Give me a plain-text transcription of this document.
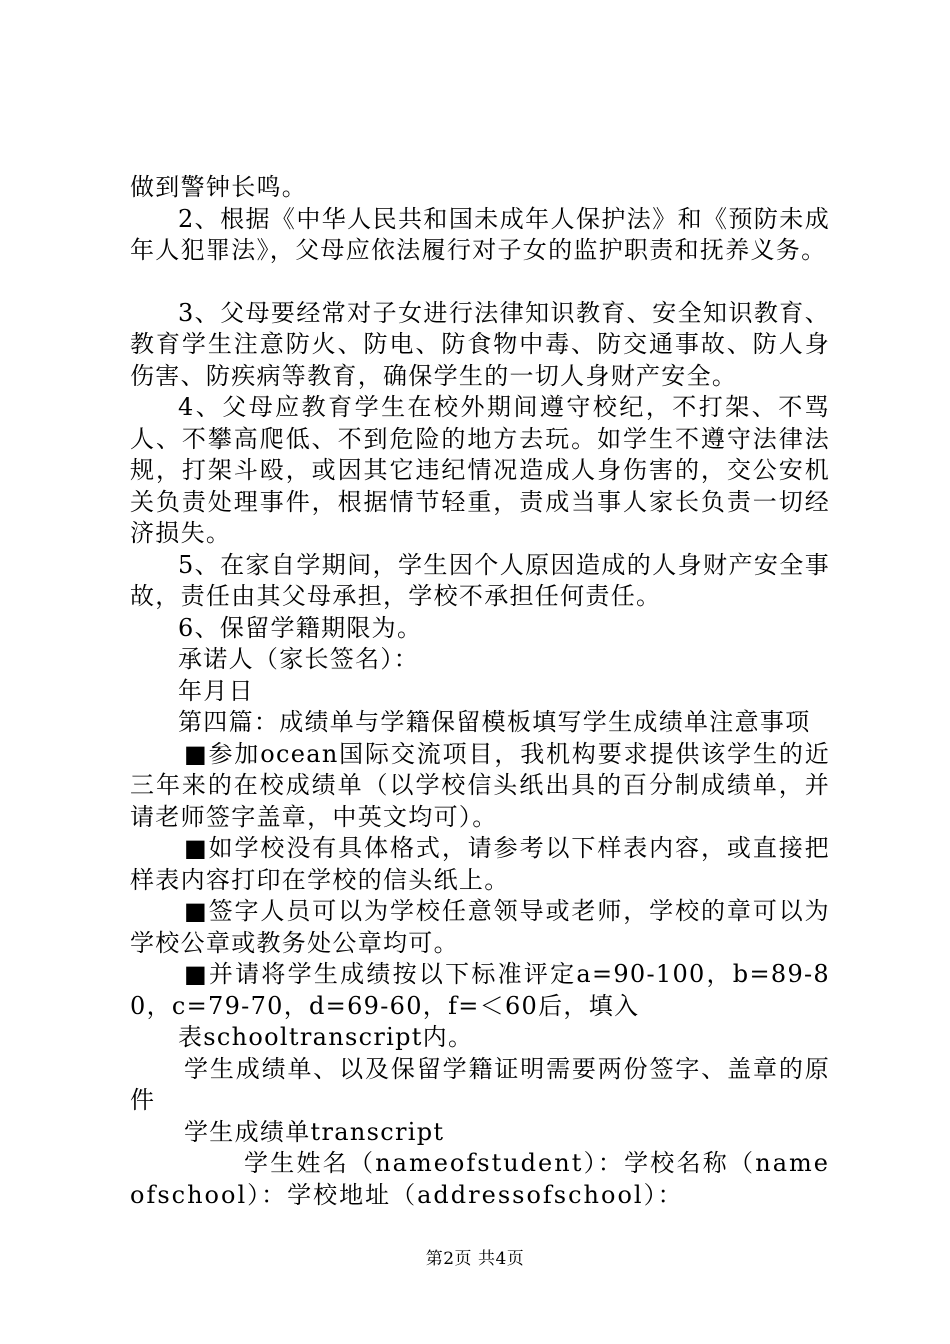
做到警钟长鸣。

2、根据《中华人民共和国未成年人保护法》和《预防未成年人犯罪法》，父母应依法履行对子女的监护职责和抚养义务。

3、父母要经常对子女进行法律知识教育、安全知识教育、教育学生注意防火、防电、防食物中毒、防交通事故、防人身伤害、防疾病等教育，确保学生的一切人身财产安全。

4、父母应教育学生在校外期间遵守校纪，不打架、不骂人、不攀高爬低、不到危险的地方去玩。如学生不遵守法律法规，打架斗殴，或因其它违纪情况造成人身伤害的，交公安机关负责处理事件，根据情节轻重，责成当事人家长负责一切经济损失。

5、在家自学期间，学生因个人原因造成的人身财产安全事故，责任由其父母承担，学校不承担任何责任。

6、保留学籍期限为。

承诺人（家长签名）：

年月日

第四篇：成绩单与学籍保留模板填写学生成绩单注意事项

■参加ocean国际交流项目，我机构要求提供该学生的近三年来的在校成绩单（以学校信头纸出具的百分制成绩单，并请老师签字盖章，中英文均可）。

■如学校没有具体格式，请参考以下样表内容，或直接把样表内容打印在学校的信头纸上。

■签字人员可以为学校任意领导或老师，学校的章可以为学校公章或教务处公章均可。

■并请将学生成绩按以下标准评定a=90-100，b=89-80，c=79-70，d=69-60，f=＜60后，填入

表schooltranscript内。

学生成绩单、以及保留学籍证明需要两份签字、盖章的原件

学生成绩单transcript

学生姓名（nameofstudent）：学校名称（nameofschool）：学校地址（addressofschool）：

第2页 共4页
